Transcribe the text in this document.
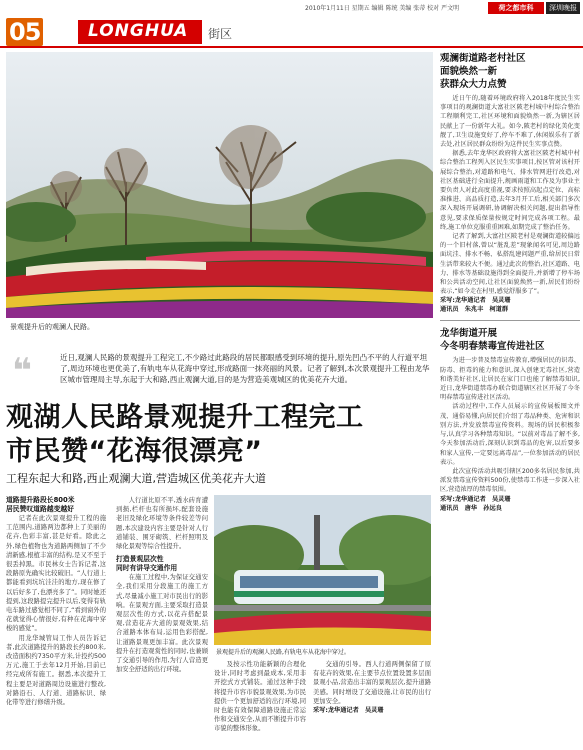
2010年1月11日 星期五 编辑 陈统 美编 张蒂 校对 严文明	荷之都市科	深圳晚报
05	LONGHUA	街区
景观提升后的观澜人民路。
❝	近日,观澜人民路的景观提升工程完工,不少路过此路段的居民都眼感受到环境的提升,原先凹凸不平的人行道平坦了,周边环境也更优美了,有轨电车从花海中穿过,形成路面一抹亮丽的风景。记者了解到,本次景观提升工程由龙华区城市管理局主导,东起于大和路,西止观澜大道,目的是为营造美观城区的优美花卉大道。
观湖人民路景观提升工程完工
市民赞“花海很漂亮”
工程东起大和路,西止观澜大道,营造城区优美花卉大道
道路提升路段长800米
居民赞叹道路越变越好

记者在此次景观提升工程的施工范围内,道路两边都种上了美丽的花卉,色彩丰富,甚是好看。除此之外,绿色植物也为道路两侧加了不少清新感,根植丰富的结构,是又不至于很丢掉黑。市民林女士告诉记者,这段路原先确实比较破旧。“人行道上都能看到坑坑洼洼的地方,现在修了以后好多了,也漂亮多了”。同时她还提到,这段路提完提升以后,变得有轨电车路过感觉相不同了,“看到窗外的花就觉得心情很好,有种在花海中穿梭的感觉”。

用龙华城管局工作人员告诉记者,此次道路提升的路段长约800米,改造面积约7350平方米,计投约500万元,施工于去年12月开始,目前已经完成所有施工。据悉,本次提升工程主要是对道路周边设施进行整改,对路沿石、人行道、道路标识、绿化带等进行修缮升级。

人行道比原不平,透水砖育遭到损,栏杆也有所损坏,配套设施老旧及绿化环境等条件较差等问题,本次建设内容主要是针对人行道铺装、围牙砌筑、栏杆照明及绿化景观等综合性提升。

打造景观层次性
同时有讲导交通作用

在施工过程中,为保证交通安全,我们采用分段施工的施工方式,尽量减小施工对市民出行的影响。在景观方面,主要采取打造景观层次性的方式,以花卉搭配景观,营造花卉大道的景观效果,结合道路本体布局,运用色彩搭配,让道路景观更加丰富。此次景观提升在打造观赏性的同时,也兼顾了交通引导的作用,为行人营造更加安全舒适的出行环境。

景观提升后的观澜人民路,有轨电车从花海中穿过。

及按示性功能新颖的合理化设计,同时考虑到最成本,采用非开挖式方式铺装。通过这种手段将提升市容市貌景观效果,为市民提供一个更加舒适的出行环境,同时也能有效保障道路设施正常运作和交通安全,从而不断提升市容市貌的整体形象。

交通的引导。西人行道两侧保留了原有花卉的效果,在主要节点位置设置多层面景观小品,营造出丰富的景观层次,提升道路美感。同时增设了交通设施,让市民的出行更加安全。

采写:龙华通记者　吴灵珊
观澜街道路老村社区
面貌焕然一新
获群众大力点赞

近日午的,随着环境政府将入2018年度民生实事项目的观澜街道大富社区陂老村城中村综合整治工程顺利完工,社区环境和面貌焕然一新,为辖区居民献上了一份新年大礼。如今,陂老村的绿化美化变靓了,卫生设施变好了,停车不难了,休闲娱乐有了新去处,社区居民群众纷纷为这件民生实事点赞。

据悉,去年龙华区政府将大富社区陂老村城中村综合整治工程列入区民生实事项目,按区管对该村开展综合整治,对道路和电气、排水管网进行改造,对社区基础进行全面提升,规画雨道和工作及为事业主要负责人对此高度重视,要求按照高起点定位、高标准推进、高品质打造,去年3月开工后,相关部门多次深入现场开展调研,协调解决相关问题,提出指导性意见,要求保质保量按规定时间完成各项工程。最终,施工单位克服重重困难,如期完成了整治任务。

记者了解到,大富社区陂老村是观澜街道较偏远的一个旧村落,曾以“脏乱差”现象闻名可见,周边路面坑洼、排水不畅、私搭乱建问题严重,给居民日常生活带来较大不便。通过此次的整治,社区道路、电力、排水等基础设施得到全面提升,并新增了停车场和公共活动空间,让社区面貌焕然一新,居民们纷纷表示,“如今走在村里,感觉舒服多了”。

采写:龙华通记者　吴灵珊
通讯员　朱兆丰　柯道群
龙华街道开展
今冬明春禁毒宣传进社区

为进一步普及禁毒宣传教育,增强居民的识毒、防毒、拒毒的能力和意识,深入创建无毒社区,营造和谐美好社区,让居民在家门口也能了解禁毒知识,近日,龙华街道禁毒办联合街道辖区社区开展了今冬明春禁毒宣传进社区活动。

活动过程中,工作人员展示的宣传展板图文并茂、通俗易懂,向居民们介绍了毒品种类、危害和识别方法,并发放禁毒宣传资料。现场的居民积极参与,认真学习各种禁毒知识。“以前对毒品了解不多,今天参加活动后,深刻认识到毒品的危害,以后要多和家人宣传,一定要远离毒品”,一位参加活动的居民表示。

此次宣传活动共吸引辖区200多名居民参加,共派发禁毒宣传资料500份,使禁毒工作进一步深入社区,营造浓厚的禁毒氛围。

采写:龙华通记者　吴灵珊
通讯员　唐华　孙远良
